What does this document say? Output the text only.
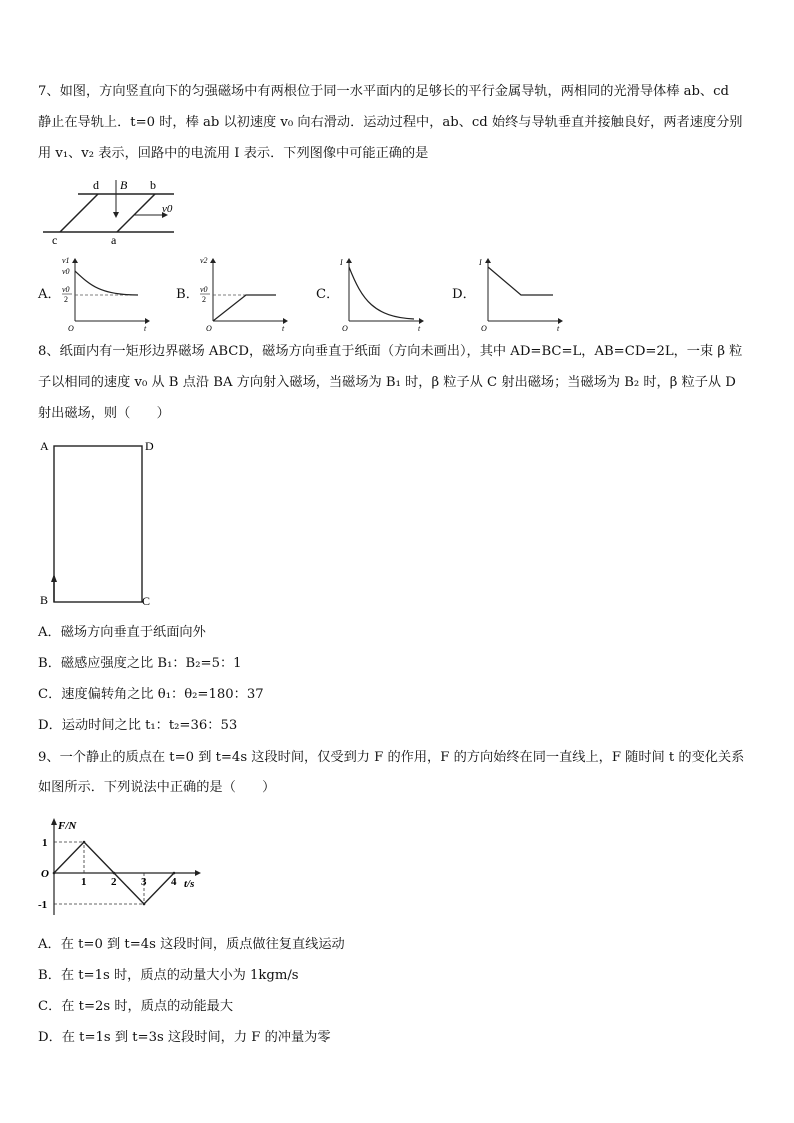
7、如图，方向竖直向下的匀强磁场中有两根位于同一水平面内的足够长的平行金属导轨，两相同的光滑导体棒 ab、cd
静止在导轨上．t=0 时，棒 ab 以初速度 v₀ 向右滑动．运动过程中，ab、cd 始终与导轨垂直并接触良好，两者速度分别
用 v₁、v₂ 表示，回路中的电流用 I 表示．下列图像中可能正确的是
d	b
B
c	a
v0
A．
v1
v0
v0
2
O	t
B．
v2
v0
2
O	t
C．
I
O	t
D．
I
O	t
8、纸面内有一矩形边界磁场 ABCD，磁场方向垂直于纸面（方向未画出），其中 AD=BC=L，AB=CD=2L，一束 β 粒
子以相同的速度 v₀ 从 B 点沿 BA 方向射入磁场，当磁场为 B₁ 时，β 粒子从 C 射出磁场；当磁场为 B₂ 时，β 粒子从 D
射出磁场，则（　　）
A	D
B	C
A．磁场方向垂直于纸面向外
B．磁感应强度之比 B₁：B₂=5：1
C．速度偏转角之比 θ₁：θ₂=180：37
D．运动时间之比 t₁：t₂=36：53
9、一个静止的质点在 t=0 到 t=4s 这段时间，仅受到力 F 的作用，F 的方向始终在同一直线上，F 随时间 t 的变化关系
如图所示．下列说法中正确的是（　　）
F/N
t/s
O
1 2 3 4
1
-1
A．在 t=0 到 t=4s 这段时间，质点做往复直线运动
B．在 t=1s 时，质点的动量大小为 1kgm/s
C．在 t=2s 时，质点的动能最大
D．在 t=1s 到 t=3s 这段时间，力 F 的冲量为零
